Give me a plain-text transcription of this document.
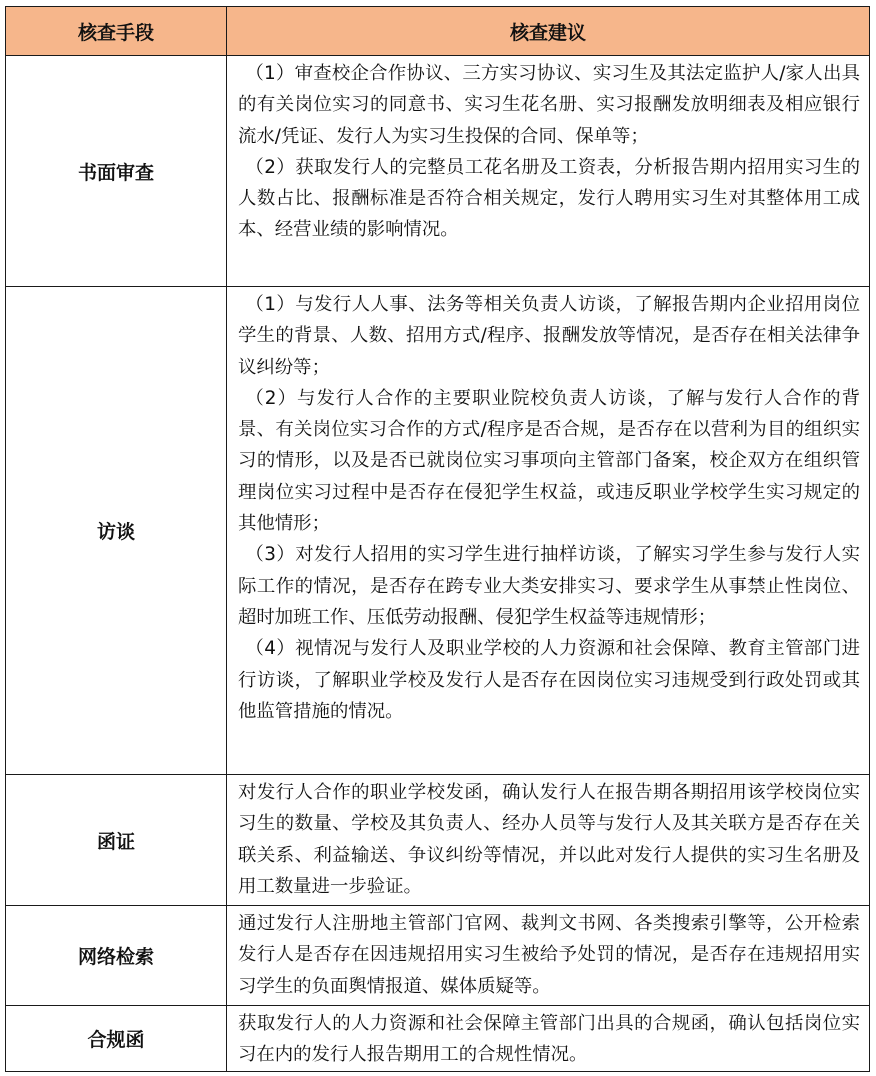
核查手段	核查建议
书面审查	（1）审查校企合作协议、三方实习协议、实习生及其法定监护人/家人出具的有关岗位实习的同意书、实习生花名册、实习报酬发放明细表及相应银行流水/凭证、发行人为实习生投保的合同、保单等；

（2）获取发行人的完整员工花名册及工资表，分析报告期内招用实习生的人数占比、报酬标准是否符合相关规定，发行人聘用实习生对其整体用工成本、经营业绩的影响情况。

访谈	（1）与发行人人事、法务等相关负责人访谈，了解报告期内企业招用岗位学生的背景、人数、招用方式/程序、报酬发放等情况，是否存在相关法律争议纠纷等；

（2）与发行人合作的主要职业院校负责人访谈，了解与发行人合作的背景、有关岗位实习合作的方式/程序是否合规，是否存在以营利为目的组织实习的情形，以及是否已就岗位实习事项向主管部门备案，校企双方在组织管理岗位实习过程中是否存在侵犯学生权益，或违反职业学校学生实习规定的其他情形；

（3）对发行人招用的实习学生进行抽样访谈，了解实习学生参与发行人实际工作的情况，是否存在跨专业大类安排实习、要求学生从事禁止性岗位、超时加班工作、压低劳动报酬、侵犯学生权益等违规情形；

（4）视情况与发行人及职业学校的人力资源和社会保障、教育主管部门进行访谈，了解职业学校及发行人是否存在因岗位实习违规受到行政处罚或其他监管措施的情况。

函证	对发行人合作的职业学校发函，确认发行人在报告期各期招用该学校岗位实习生的数量、学校及其负责人、经办人员等与发行人及其关联方是否存在关联关系、利益输送、争议纠纷等情况，并以此对发行人提供的实习生名册及用工数量进一步验证。

网络检索	通过发行人注册地主管部门官网、裁判文书网、各类搜索引擎等，公开检索发行人是否存在因违规招用实习生被给予处罚的情况，是否存在违规招用实习学生的负面舆情报道、媒体质疑等。

合规函	获取发行人的人力资源和社会保障主管部门出具的合规函，确认包括岗位实习在内的发行人报告期用工的合规性情况。
